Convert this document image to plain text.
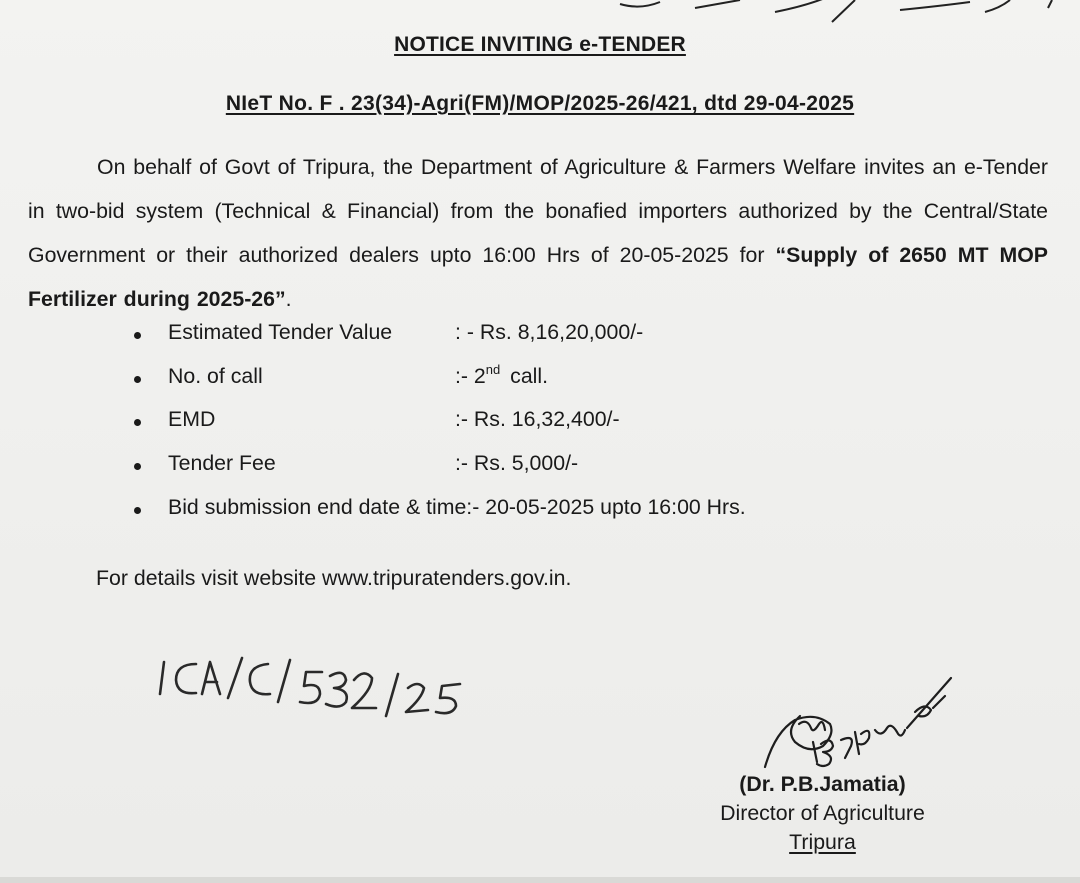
NOTICE INVITING e-TENDER
NIeT No. F . 23(34)-Agri(FM)/MOP/2025-26/421, dtd 29-04-2025
On behalf of Govt of Tripura, the Department of Agriculture & Farmers Welfare invites an e-Tender in two-bid system (Technical & Financial) from the bonafied importers authorized by the Central/State Government or their authorized dealers upto 16:00 Hrs of 20-05-2025 for “Supply of 2650 MT MOP Fertilizer during 2025-26”.
Estimated Tender Value	: - Rs. 8,16,20,000/-
No. of call	:- 2nd call.
EMD	:- Rs. 16,32,400/-
Tender Fee	:- Rs. 5,000/-
Bid submission end date & time:- 20-05-2025 upto 16:00 Hrs.
For details visit website www.tripuratenders.gov.in.
(Dr. P.B.Jamatia)
Director of Agriculture
Tripura
